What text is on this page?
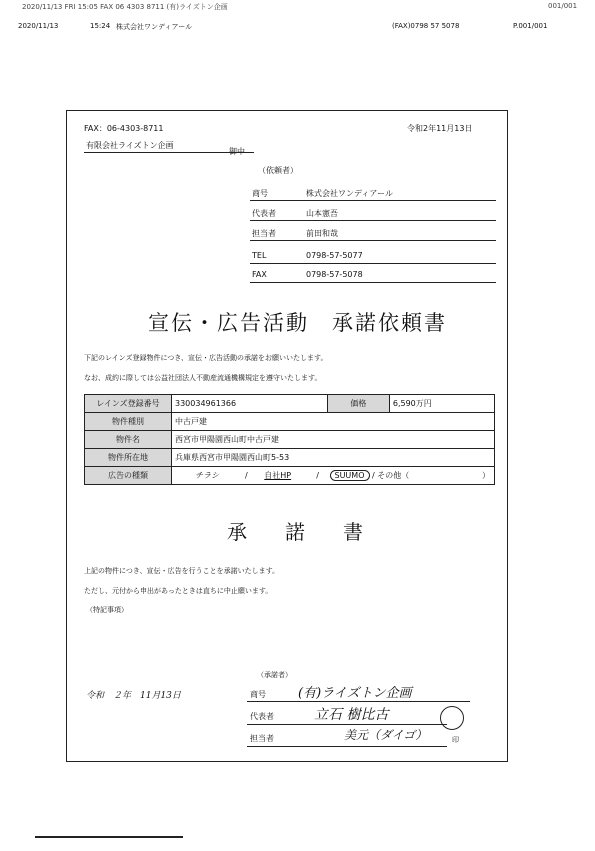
2020/11/13 FRI 15:05 FAX 06 4303 8711 (有)ライズトン企画	001/001
2020/11/13	15:24 株式会社ワンディアール	(FAX)0798 57 5078	P.001/001
FAX：06-4303-8711	令和2年11月13日
有限会社ライズトン企画
御中
（依頼者）
商号	株式会社ワンディアール
代表者	山本憲吾
担当者	前田和哉
TEL	0798-57-5077
FAX	0798-57-5078
宣伝・広告活動　承諾依頼書
下記のレインズ登録物件につき、宣伝・広告活動の承諾をお願いいたします。
なお、成約に際しては公益社団法人不動産流通機構規定を遵守いたします。
レインズ登録番号	330034961366	価格	6,590万円
物件種別	中古戸建		
物件名	西宮市甲陽園西山町中古戸建		
物件所在地	兵庫県西宮市甲陽園西山町5-53		
広告の種類	チラシ / 自社HP / SUUMO / その他（ ）		
承諾書
上記の物件につき、宣伝・広告を行うことを承諾いたします。
ただし、元付から申出があったときは直ちに中止願います。
（特記事項）
令和　２年　11月13日
（承諾者）
商号 (有)ライズトン企画
代表者	立石 樹比古
担当者	美元（ダイゴ）	印
